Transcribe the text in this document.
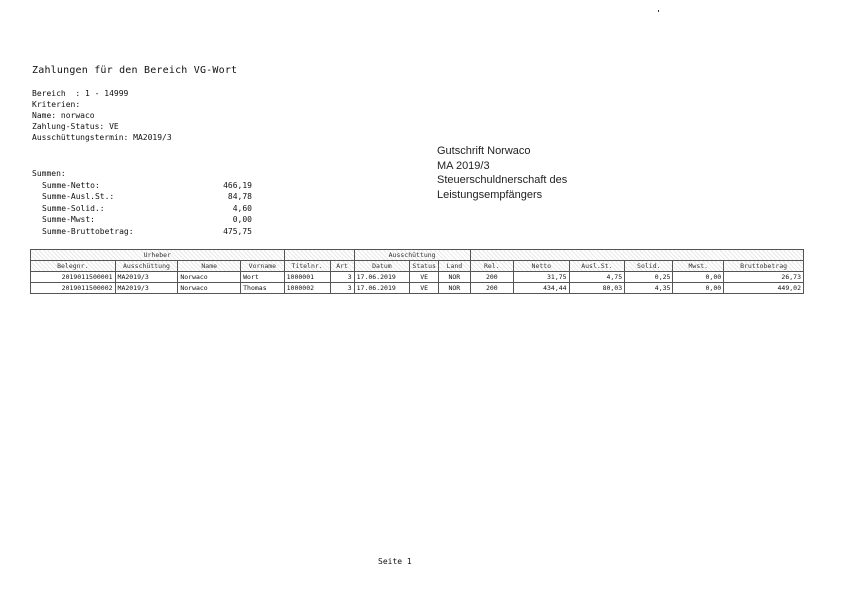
Zahlungen für den Bereich VG-Wort
Bereich  : 1 - 14999
Kriterien:
Name: norwaco
Zahlung-Status: VE
Ausschüttungstermin: MA2019/3
Summen:
Summe-Netto:	466,19
Summe-Ausl.St.:	84,78
Summe-Solid.:	4,60
Summe-Mwst:	0,00
Summe-Bruttobetrag:	475,75
Gutschrift Norwaco
MA 2019/3
Steuerschuldnerschaft des
Leistungsempfängers
Urheber						Ausschüttung								
Belegnr.	Ausschüttung	Name	Vorname	Titelnr.	Art	Datum	Status	Land	Rel.	Netto	Ausl.St.	Solid.	Mwst.	Bruttobetrag
2019011500001	MA2019/3	Norwaco	Wort	1000001	3	17.06.2019	VE	NOR	200	31,75	4,75	0,25	0,00	26,73
2019011500002	MA2019/3	Norwaco	Thomas	1000002	3	17.06.2019	VE	NOR	200	434,44	80,03	4,35	0,00	449,02
Seite 1
